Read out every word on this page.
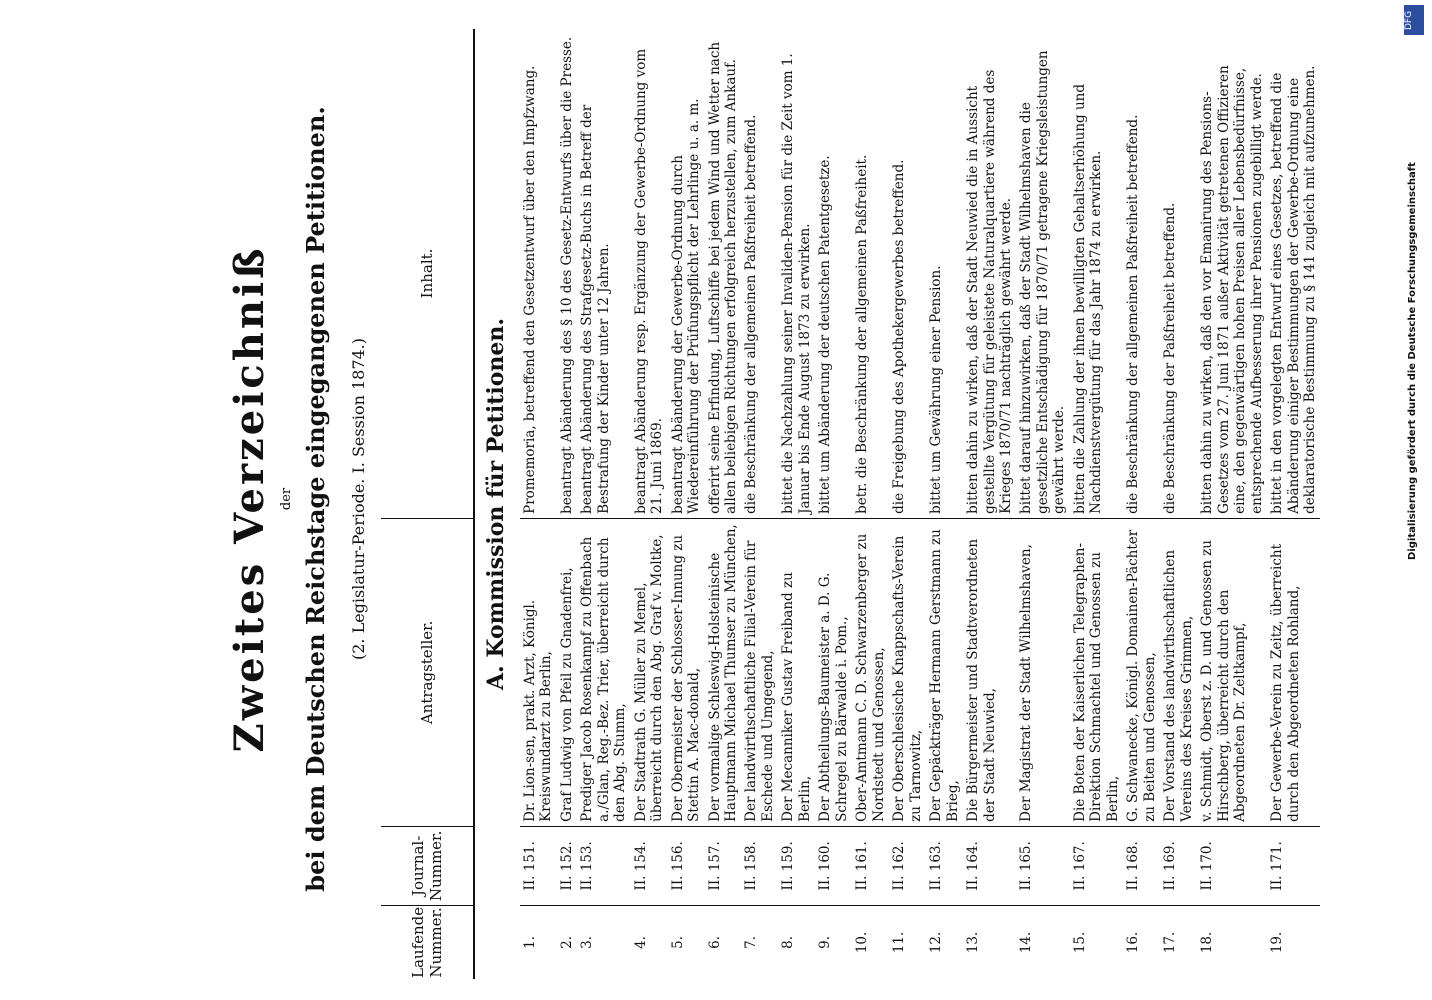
Zweites Verzeichniß der bei dem Deutschen Reichstage eingegangenen Petitionen. (2. Legislatur-Periode. I. Session 1874.)
Laufende Nummer.	Journal-Nummer.	Antragsteller.	Inhalt.
A. Kommission für Petitionen.			
1.	II. 151.	Dr. Lion-sen, prakt. Arzt, Königl. Kreiswundarzt zu Berlin,	Promemoria, betreffend den Gesetzentwurf über den Impfzwang.
2.	II. 152.	Graf Ludwig von Pfeil zu Gnadenfrei,	beantragt Abänderung des § 10 des Gesetz-Entwurfs über die Presse.
3.	II. 153.	Prediger Jacob Rosenkampf zu Offenbach a./Glan, Reg.-Bez. Trier, überreicht durch den Abg. Stumm,	beantragt Abänderung des Strafgesetz-Buchs in Betreff der Bestrafung der Kinder unter 12 Jahren.
4.	II. 154.	Der Stadtrath G. Müller zu Memel, überreicht durch den Abg. Graf v. Moltke,	beantragt Abänderung resp. Ergänzung der Gewerbe-Ordnung vom 21. Juni 1869.
5.	II. 156.	Der Obermeister der Schlosser-Innung zu Stettin A. Mac-donald,	beantragt Abänderung der Gewerbe-Ordnung durch Wiedereinführung der Prüfungspflicht der Lehrlinge u. a. m.
6.	II. 157.	Der vormalige Schleswig-Holsteinische Hauptmann Michael Thumser zu München,	offerirt seine Erfindung, Luftschiffe bei jedem Wind und Wetter nach allen beliebigen Richtungen erfolgreich herzustellen, zum Ankauf.
7.	II. 158.	Der landwirthschaftliche Filial-Verein für Eschede und Umgegend,	die Beschränkung der allgemeinen Paßfreiheit betreffend.
8.	II. 159.	Der Mecanniker Gustav Freiband zu Berlin,	bittet die Nachzahlung seiner Invaliden-Pension für die Zeit vom 1. Januar bis Ende August 1873 zu erwirken.
9.	II. 160.	Der Abtheilungs-Baumeister a. D. G. Schregel zu Bärwalde i. Pom.,	bittet um Abänderung der deutschen Patentgesetze.
10.	II. 161.	Ober-Amtmann C. D. Schwarzenberger zu Nordstedt und Genossen,	betr. die Beschränkung der allgemeinen Paßfreiheit.
11.	II. 162.	Der Oberschlesische Knappschafts-Verein zu Tarnowitz,	die Freigebung des Apothekergewerbes betreffend.
12.	II. 163.	Der Gepäckträger Hermann Gerstmann zu Brieg,	bittet um Gewährung einer Pension.
13.	II. 164.	Die Bürgermeister und Stadtverordneten der Stadt Neuwied,	bitten dahin zu wirken, daß der Stadt Neuwied die in Aussicht gestellte Vergütung für geleistete Naturalquartiere während des Krieges 1870/71 nachträglich gewährt werde.
14.	II. 165.	Der Magistrat der Stadt Wilhelmshaven,	bittet darauf hinzuwirken, daß der Stadt Wilhelmshaven die gesetzliche Entschädigung für 1870/71 getragene Kriegsleistungen gewährt werde.
15.	II. 167.	Die Boten der Kaiserlichen Telegraphen-Direktion Schmachtel und Genossen zu Berlin,	bitten die Zahlung der ihnen bewilligten Gehaltserhöhung und Nachdienstvergütung für das Jahr 1874 zu erwirken.
16.	II. 168.	G. Schwanecke, Königl. Domainen-Pächter zu Beiten und Genossen,	die Beschränkung der allgemeinen Paßfreiheit betreffend.
17.	II. 169.	Der Vorstand des landwirthschaftlichen Vereins des Kreises Grimmen,	die Beschränkung der Paßfreiheit betreffend.
18.	II. 170.	v. Schmidt, Oberst z. D. und Genossen zu Hirschberg, überreicht durch den Abgeordneten Dr. Zeltkampf,	bitten dahin zu wirken, daß den vor Emanirung des Pensions-Gesetzes vom 27. Juni 1871 außer Aktivität getretenen Offizieren eine, den gegenwärtigen hohen Preisen aller Lebensbedürfnisse, entsprechende Aufbesserung ihrer Pensionen zugebilligt werde.
19.	II. 171.	Der Gewerbe-Verein zu Zeitz, überreicht durch den Abgeordneten Rohland,	bittet in den vorgelegten Entwurf eines Gesetzes, betreffend die Abänderung einiger Bestimmungen der Gewerbe-Ordnung eine deklaratorische Bestimmung zu § 141 zugleich mit aufzunehmen.
DFG
Digitalisierung gefördert durch die Deutsche Forschungsgemeinschaft
